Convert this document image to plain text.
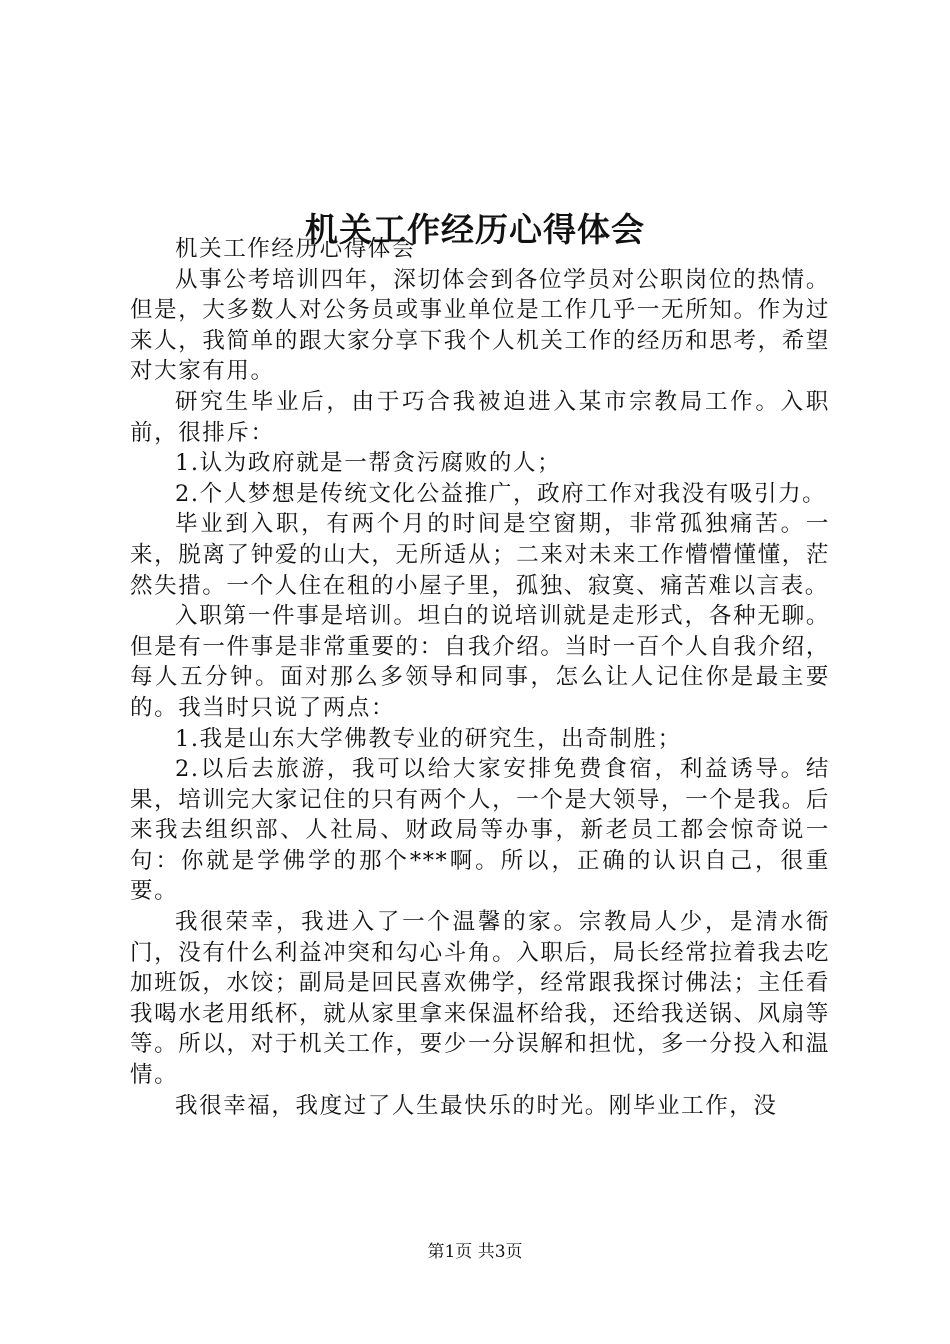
机关工作经历心得体会

机关工作经历心得体会

从事公考培训四年，深切体会到各位学员对公职岗位的热情。但是，大多数人对公务员或事业单位是工作几乎一无所知。作为过来人，我简单的跟大家分享下我个人机关工作的经历和思考，希望对大家有用。

研究生毕业后，由于巧合我被迫进入某市宗教局工作。入职前，很排斥：

1.认为政府就是一帮贪污腐败的人；

2.个人梦想是传统文化公益推广，政府工作对我没有吸引力。

毕业到入职，有两个月的时间是空窗期，非常孤独痛苦。一来，脱离了钟爱的山大，无所适从；二来对未来工作懵懵懂懂，茫然失措。一个人住在租的小屋子里，孤独、寂寞、痛苦难以言表。

入职第一件事是培训。坦白的说培训就是走形式，各种无聊。但是有一件事是非常重要的：自我介绍。当时一百个人自我介绍，每人五分钟。面对那么多领导和同事，怎么让人记住你是最主要的。我当时只说了两点：

1.我是山东大学佛教专业的研究生，出奇制胜；

2.以后去旅游，我可以给大家安排免费食宿，利益诱导。结果，培训完大家记住的只有两个人，一个是大领导，一个是我。后来我去组织部、人社局、财政局等办事，新老员工都会惊奇说一句：你就是学佛学的那个***啊。所以，正确的认识自己，很重要。

我很荣幸，我进入了一个温馨的家。宗教局人少，是清水衙门，没有什么利益冲突和勾心斗角。入职后，局长经常拉着我去吃加班饭，水饺；副局是回民喜欢佛学，经常跟我探讨佛法；主任看我喝水老用纸杯，就从家里拿来保温杯给我，还给我送锅、风扇等等。所以，对于机关工作，要少一分误解和担忧，多一分投入和温情。

我很幸福，我度过了人生最快乐的时光。刚毕业工作，没

第1页 共3页
